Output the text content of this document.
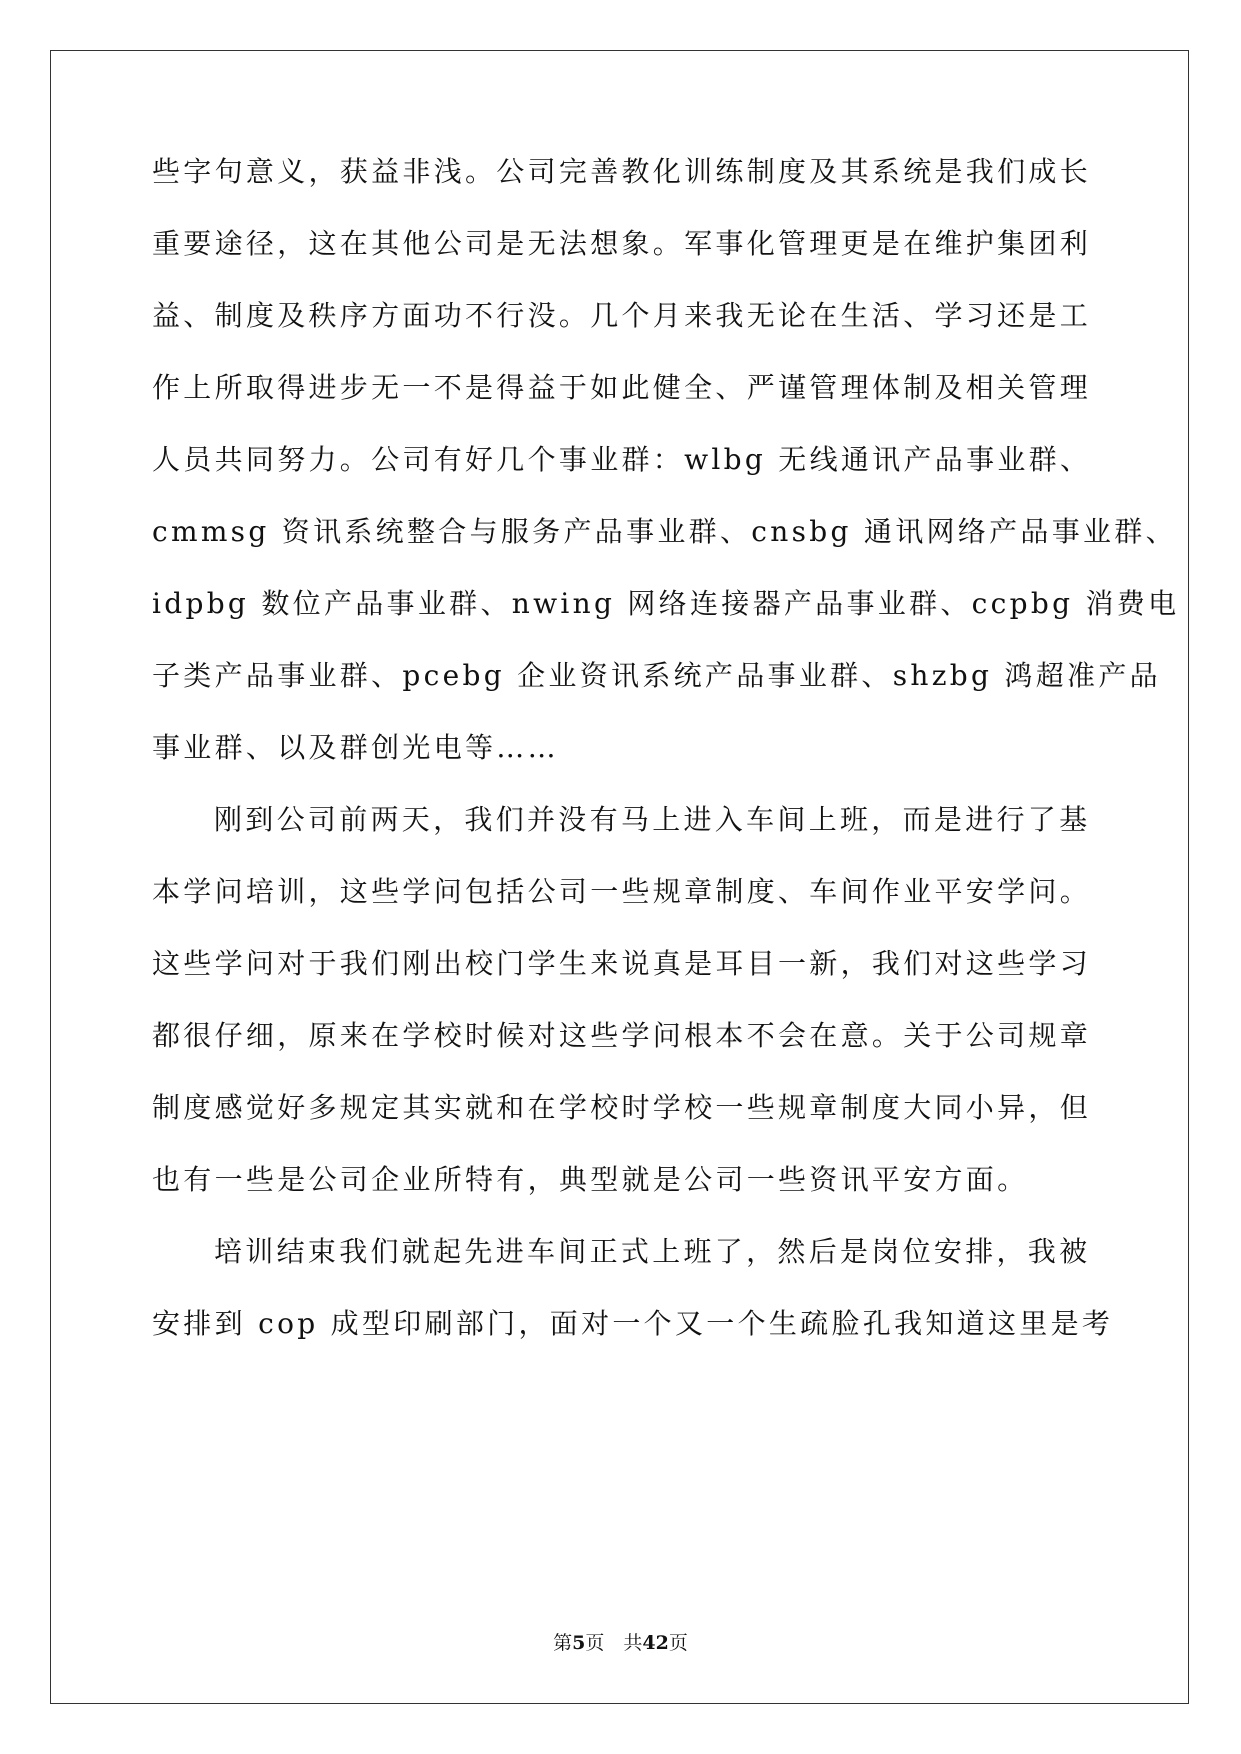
些字句意义，获益非浅。公司完善教化训练制度及其系统是我们成长

重要途径，这在其他公司是无法想象。军事化管理更是在维护集团利

益、制度及秩序方面功不行没。几个月来我无论在生活、学习还是工

作上所取得进步无一不是得益于如此健全、严谨管理体制及相关管理

人员共同努力。公司有好几个事业群：wlbg 无线通讯产品事业群、

cmmsg 资讯系统整合与服务产品事业群、cnsbg 通讯网络产品事业群、

idpbg 数位产品事业群、nwing 网络连接器产品事业群、ccpbg 消费电

子类产品事业群、pcebg 企业资讯系统产品事业群、shzbg 鸿超准产品

事业群、以及群创光电等……

刚到公司前两天，我们并没有马上进入车间上班，而是进行了基

本学问培训，这些学问包括公司一些规章制度、车间作业平安学问。

这些学问对于我们刚出校门学生来说真是耳目一新，我们对这些学习

都很仔细，原来在学校时候对这些学问根本不会在意。关于公司规章

制度感觉好多规定其实就和在学校时学校一些规章制度大同小异，但

也有一些是公司企业所特有，典型就是公司一些资讯平安方面。

培训结束我们就起先进车间正式上班了，然后是岗位安排，我被

安排到 cop 成型印刷部门，面对一个又一个生疏脸孔我知道这里是考

第5页　共42页
